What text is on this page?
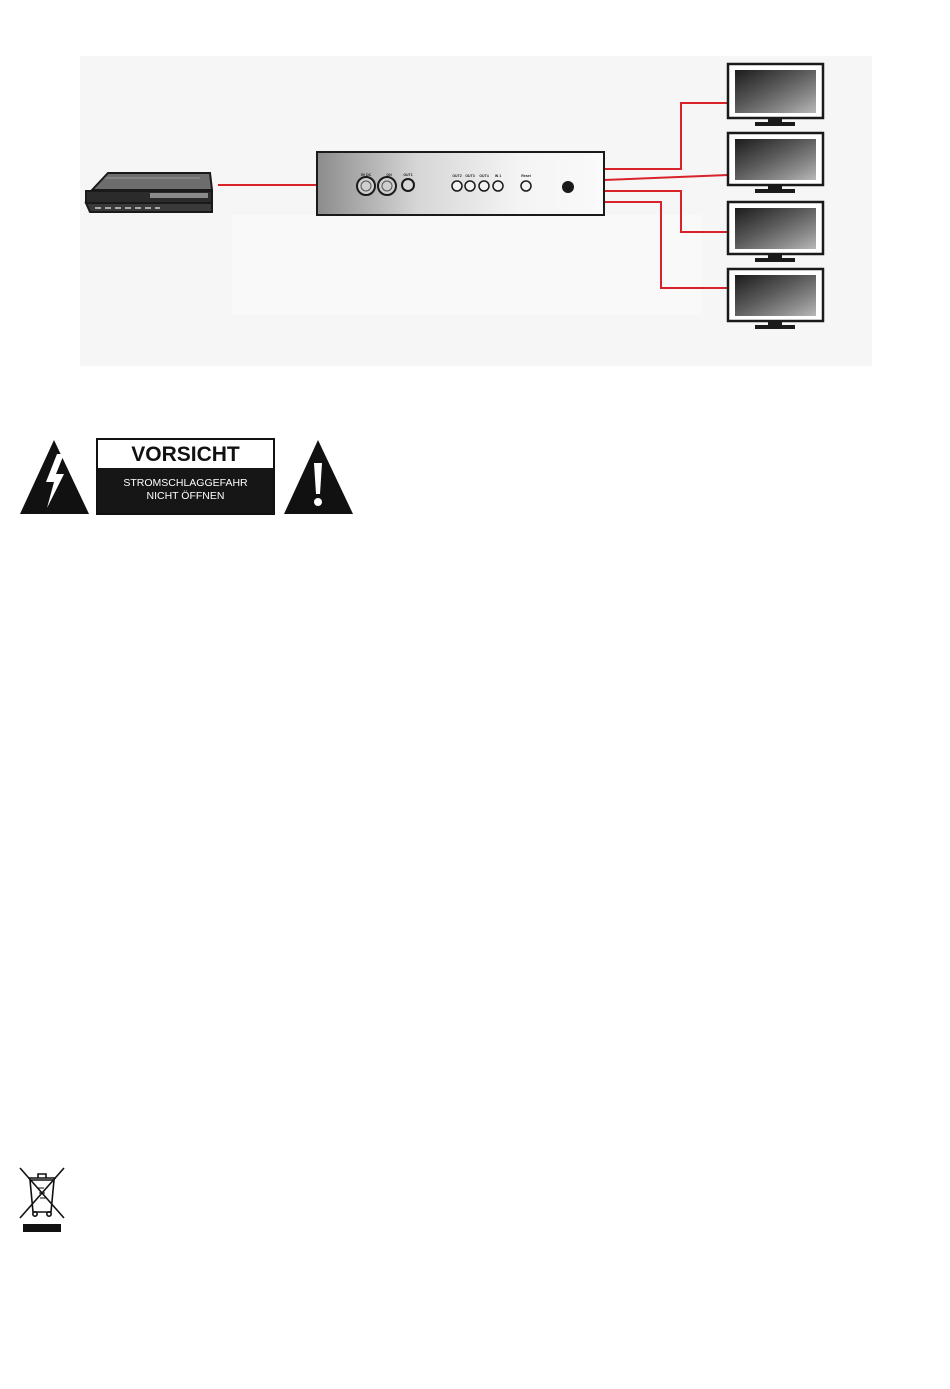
5V DC	ON	OUT1	OUT2 OUT3 OUT4 IN 1	Reset
VORSICHT
STROMSCHLAGGEFAHR
NICHT ÖFFNEN
